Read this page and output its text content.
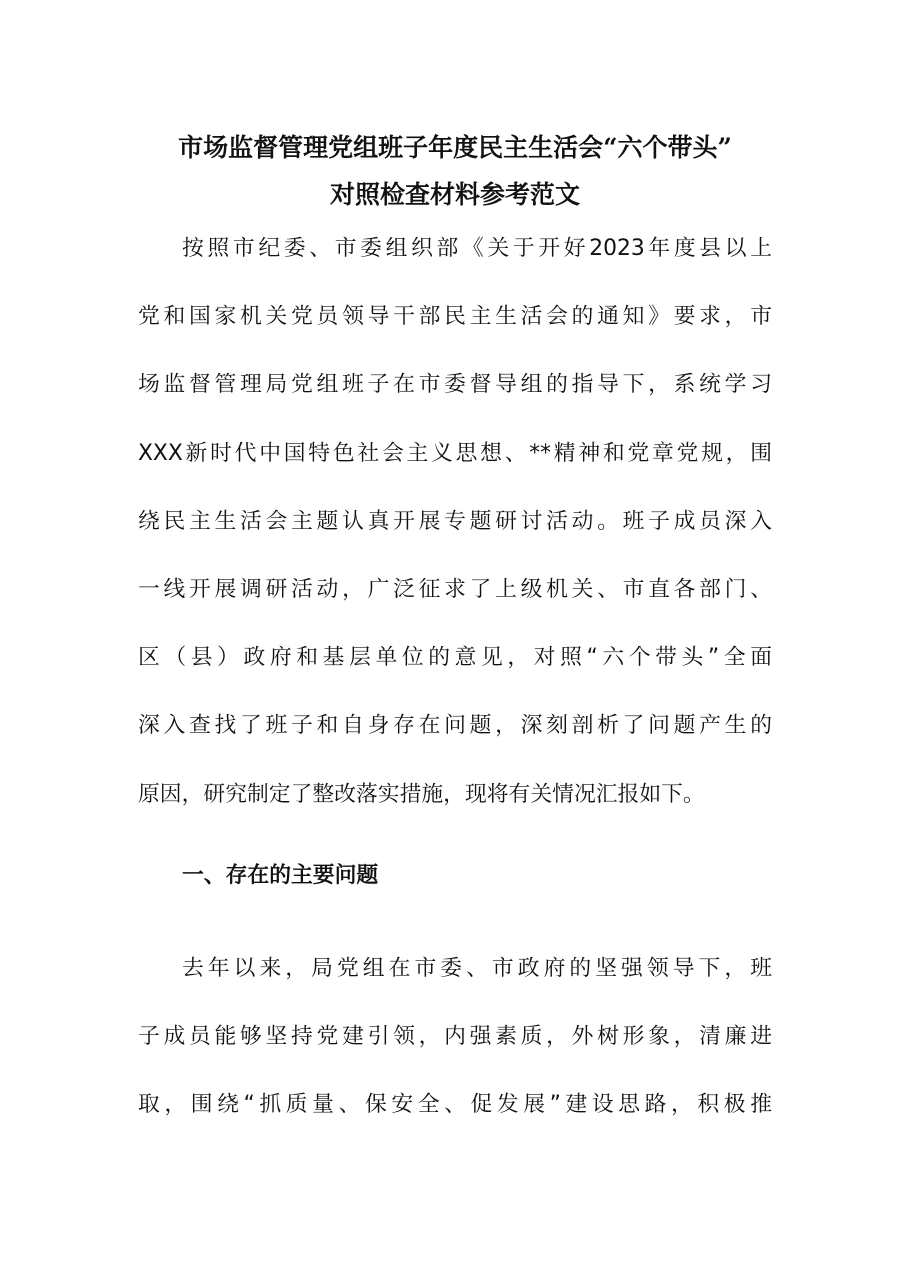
市场监督管理党组班子年度民主生活会“六个带头”
对照检查材料参考范文
按照市纪委、市委组织部《关于开好2023年度县以上
党和国家机关党员领导干部民主生活会的通知》要求，市
场监督管理局党组班子在市委督导组的指导下，系统学习
XXX新时代中国特色社会主义思想、**精神和党章党规，围
绕民主生活会主题认真开展专题研讨活动。班子成员深入
一线开展调研活动，广泛征求了上级机关、市直各部门、
区（县）政府和基层单位的意见，对照“六个带头”全面
深入查找了班子和自身存在问题，深刻剖析了问题产生的
原因，研究制定了整改落实措施，现将有关情况汇报如下。
一、存在的主要问题
去年以来，局党组在市委、市政府的坚强领导下，班
子成员能够坚持党建引领，内强素质，外树形象，清廉进
取，围绕“抓质量、保安全、促发展”建设思路，积极推
